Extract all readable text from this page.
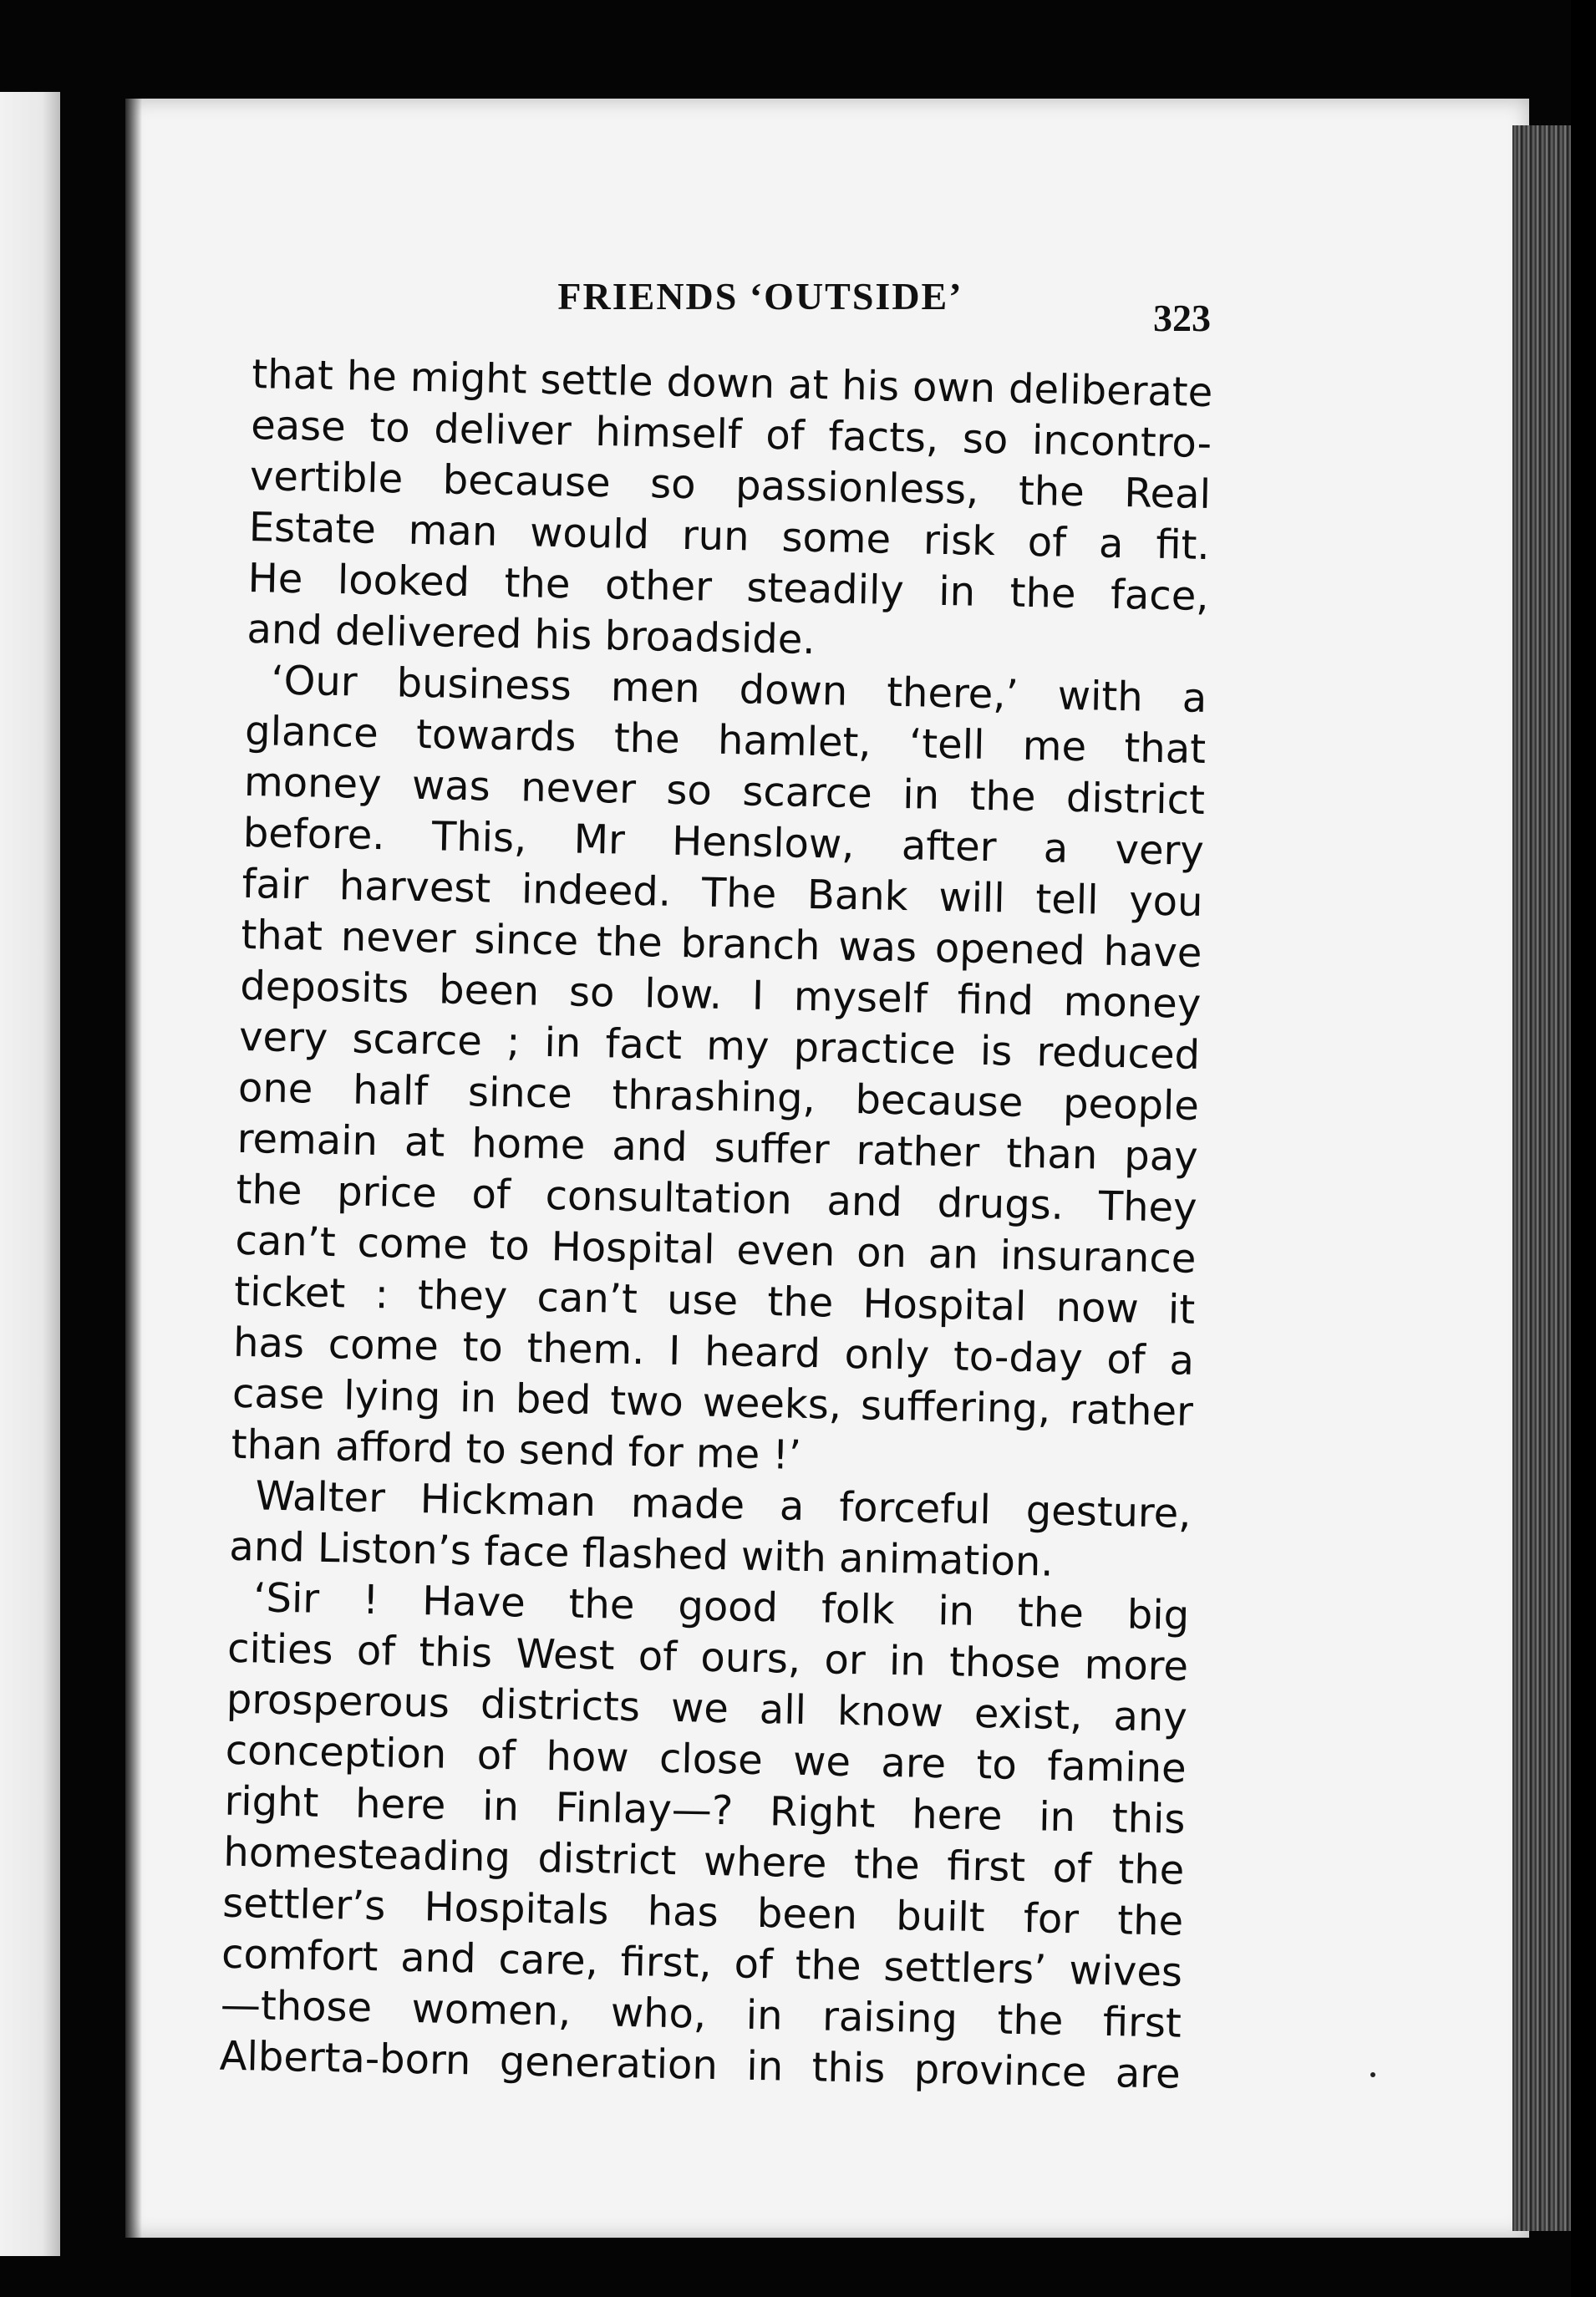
FRIENDS ‘OUTSIDE’
323
that he might settle down at his own deliberate
ease to deliver himself of facts, so incontro-
vertible because so passionless, the Real
Estate man would run some risk of a fit.
He looked the other steadily in the face,
and delivered his broadside.
‘Our business men down there,’ with a
glance towards the hamlet, ‘tell me that
money was never so scarce in the district
before. This, Mr Henslow, after a very
fair harvest indeed. The Bank will tell you
that never since the branch was opened have
deposits been so low. I myself find money
very scarce ; in fact my practice is reduced
one half since thrashing, because people
remain at home and suffer rather than pay
the price of consultation and drugs. They
can’t come to Hospital even on an insurance
ticket : they can’t use the Hospital now it
has come to them. I heard only to-day of a
case lying in bed two weeks, suffering, rather
than afford to send for me !’
Walter Hickman made a forceful gesture,
and Liston’s face flashed with animation.
‘Sir ! Have the good folk in the big
cities of this West of ours, or in those more
prosperous districts we all know exist, any
conception of how close we are to famine
right here in Finlay—? Right here in this
homesteading district where the first of the
settler’s Hospitals has been built for the
comfort and care, first, of the settlers’ wives
—those women, who, in raising the first
Alberta-born generation in this province are
